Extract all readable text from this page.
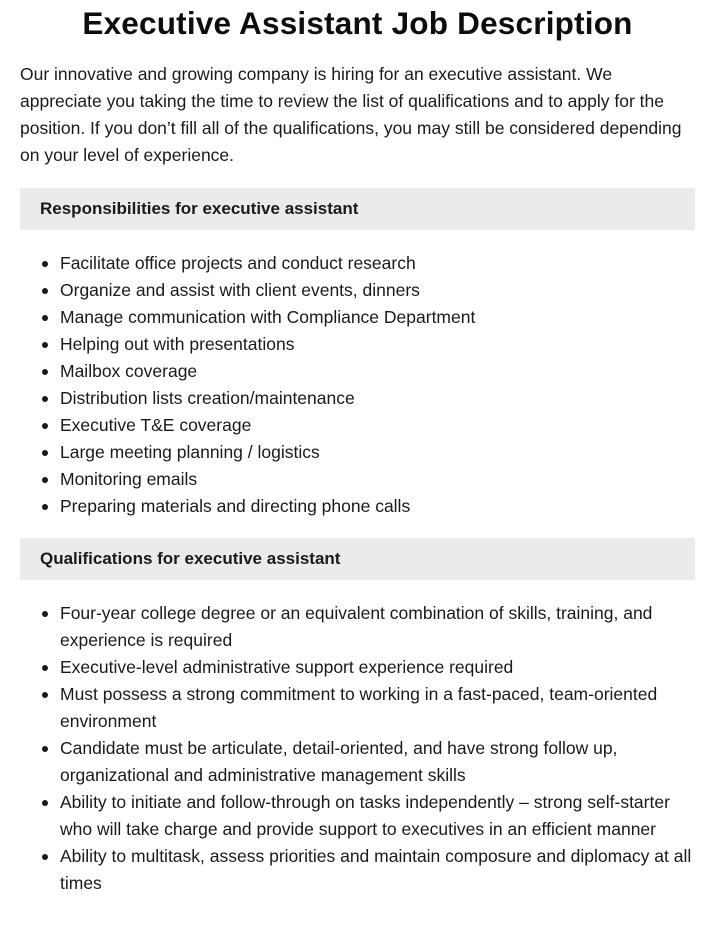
Executive Assistant Job Description

Our innovative and growing company is hiring for an executive assistant. We appreciate you taking the time to review the list of qualifications and to apply for the position. If you don’t fill all of the qualifications, you may still be considered depending on your level of experience.

Responsibilities for executive assistant
Facilitate office projects and conduct research
Organize and assist with client events, dinners
Manage communication with Compliance Department
Helping out with presentations
Mailbox coverage
Distribution lists creation/maintenance
Executive T&E coverage
Large meeting planning / logistics
Monitoring emails
Preparing materials and directing phone calls
Qualifications for executive assistant
Four-year college degree or an equivalent combination of skills, training, and experience is required
Executive-level administrative support experience required
Must possess a strong commitment to working in a fast-paced, team-oriented environment
Candidate must be articulate, detail-oriented, and have strong follow up, organizational and administrative management skills
Ability to initiate and follow-through on tasks independently – strong self-starter who will take charge and provide support to executives in an efficient manner
Ability to multitask, assess priorities and maintain composure and diplomacy at all times
